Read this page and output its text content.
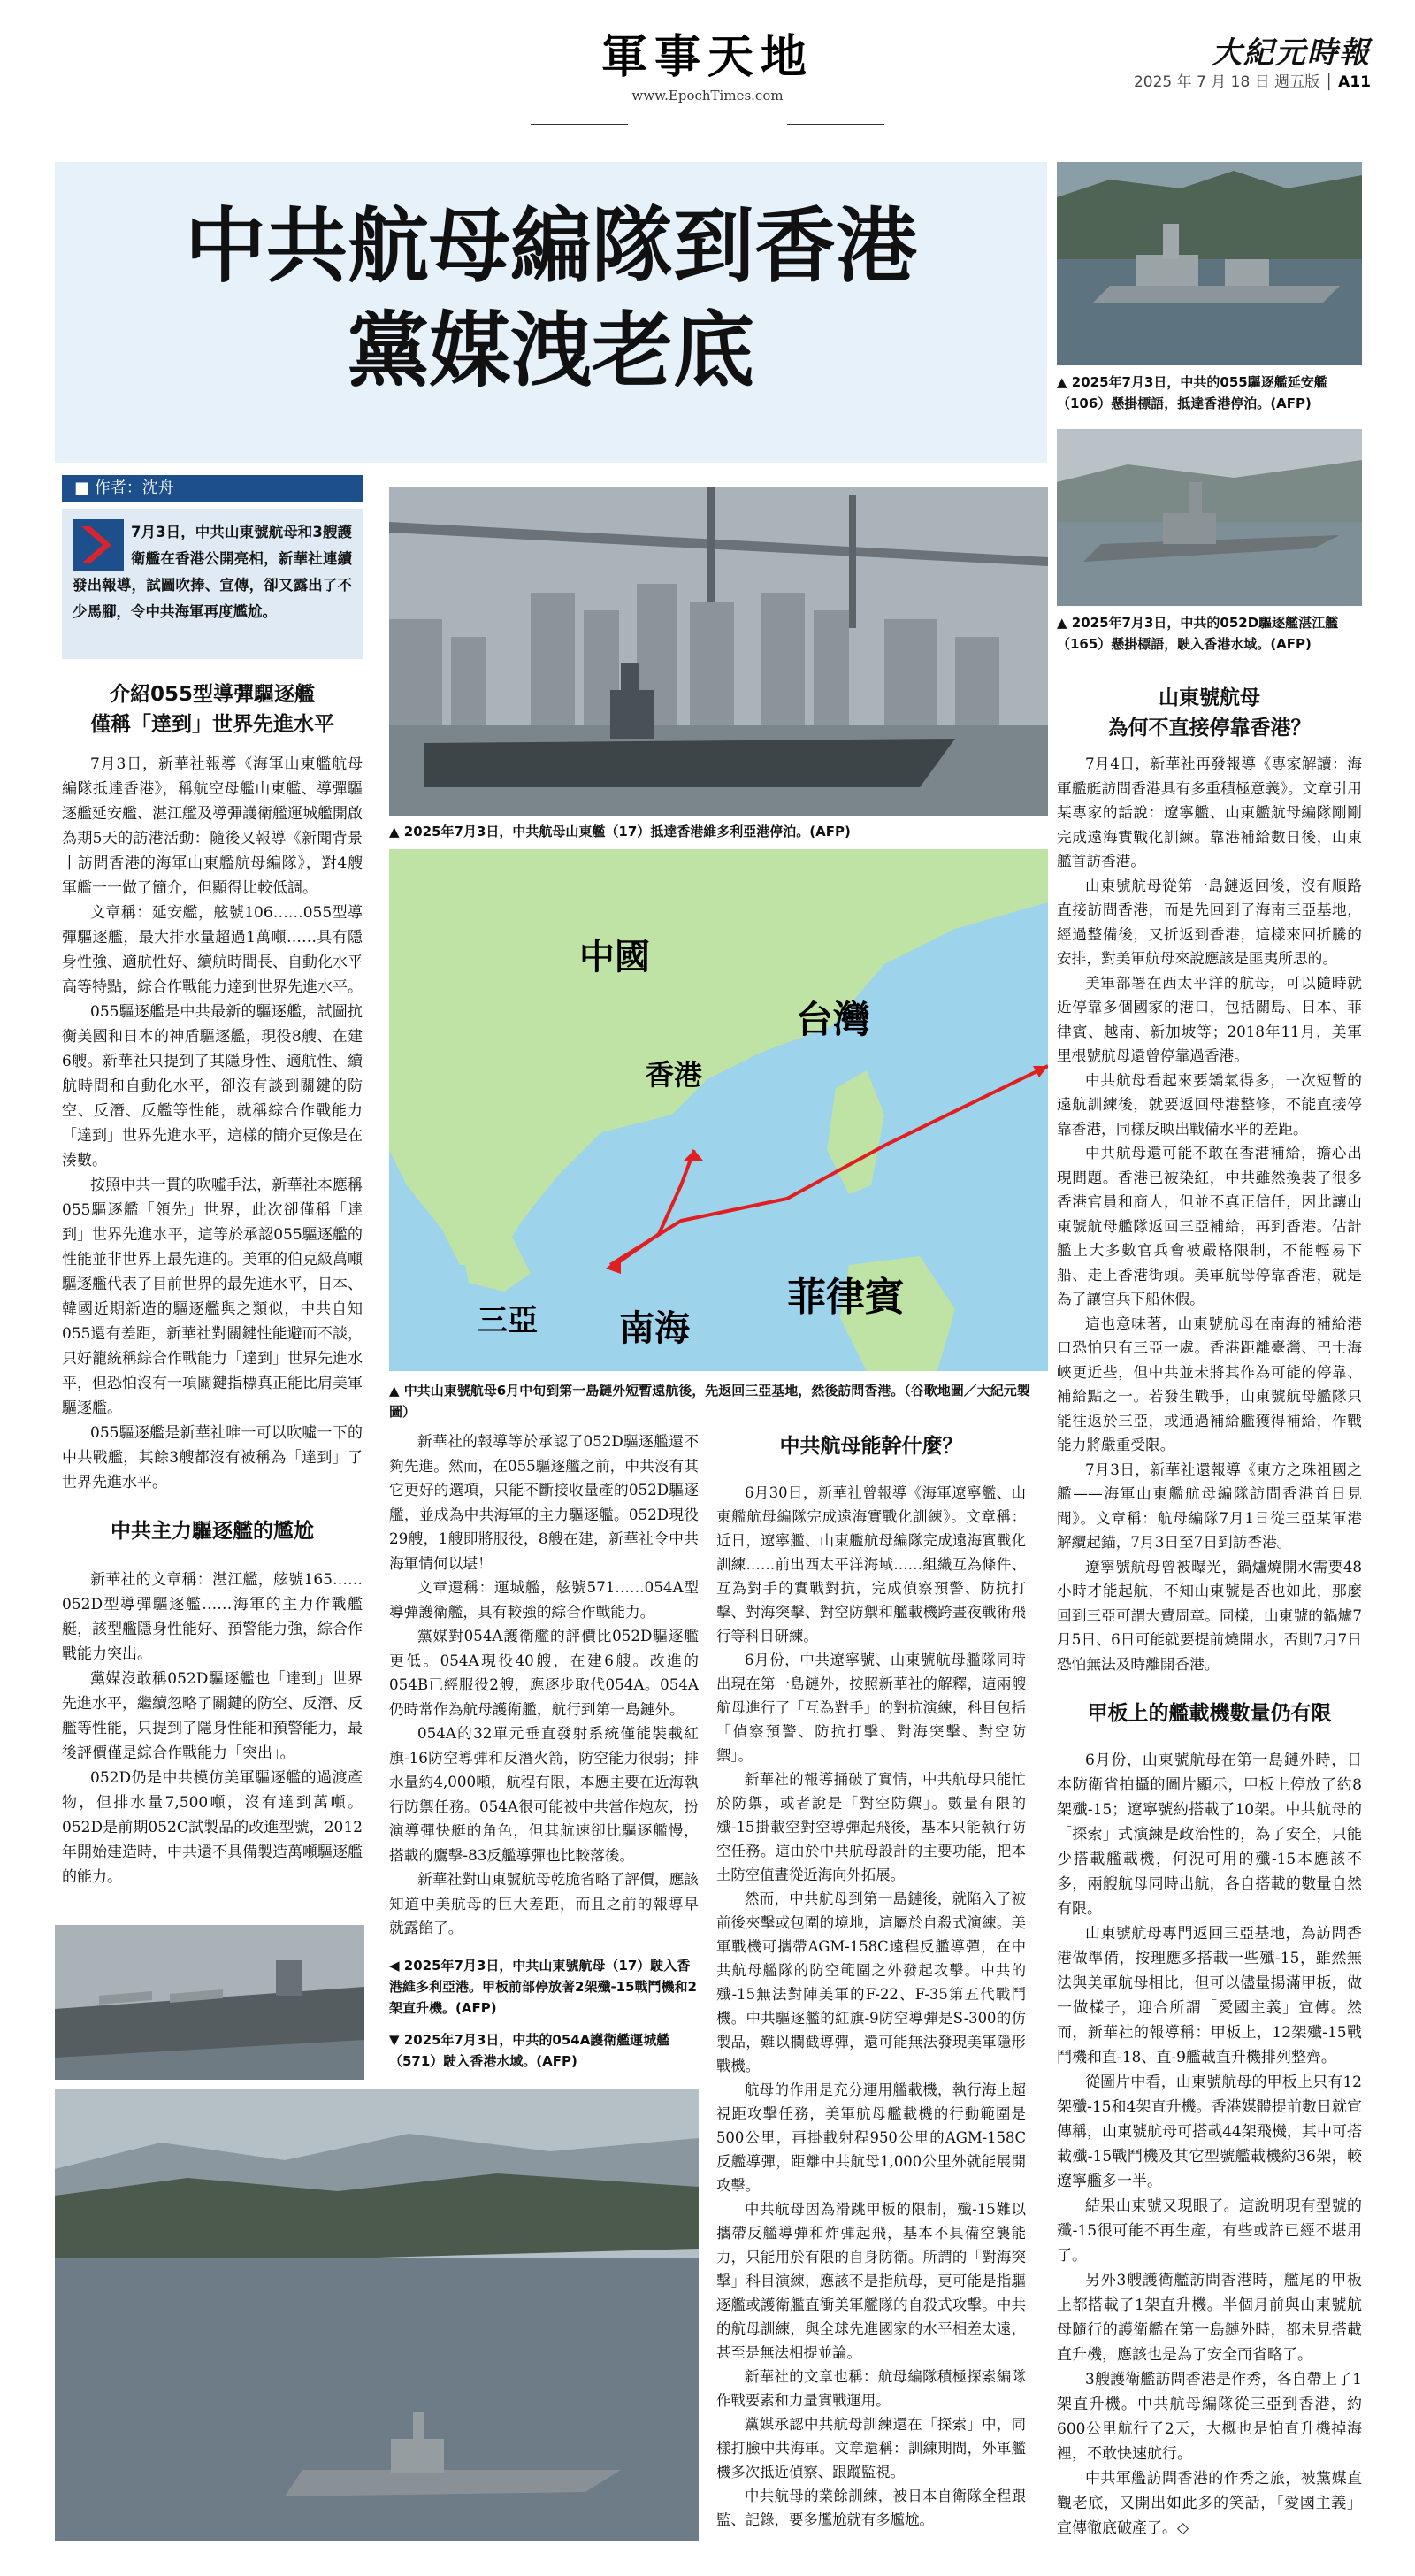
軍事天地
www.EpochTimes.com
大紀元時報
2025 年 7 月 18 日 週五版 │ A11
中共航母編隊到香港
黨媒洩老底	▲ 2025年7月3日，中共的055驅逐艦延安艦（106）懸掛標語，抵達香港停泊。(AFP)
▲ 2025年7月3日，中共的052D驅逐艦湛江艦（165）懸掛標語，駛入香港水域。(AFP)
■ 作者：沈舟

7月3日，中共山東號航母和3艘護衛艦在香港公開亮相，新華社連續發出報導，試圖吹捧、宣傳，卻又露出了不少馬腳，令中共海軍再度尷尬。

介紹055型導彈驅逐艦
僅稱「達到」世界先進水平

7月3日，新華社報導《海軍山東艦航母編隊抵達香港》，稱航空母艦山東艦、導彈驅逐艦延安艦、湛江艦及導彈護衛艦運城艦開啟為期5天的訪港活動：隨後又報導《新聞背景丨訪問香港的海軍山東艦航母編隊》，對4艘軍艦一一做了簡介，但顯得比較低調。

文章稱：延安艦，舷號106……055型導彈驅逐艦，最大排水量超過1萬噸……具有隱身性強、適航性好、續航時間長、自動化水平高等特點，綜合作戰能力達到世界先進水平。

055驅逐艦是中共最新的驅逐艦，試圖抗衡美國和日本的神盾驅逐艦，現役8艘、在建6艘。新華社只提到了其隱身性、適航性、續航時間和自動化水平，卻沒有談到關鍵的防空、反潛、反艦等性能，就稱綜合作戰能力「達到」世界先進水平，這樣的簡介更像是在湊數。

按照中共一貫的吹噓手法，新華社本應稱055驅逐艦「領先」世界，此次卻僅稱「達到」世界先進水平，這等於承認055驅逐艦的性能並非世界上最先進的。美軍的伯克級萬噸驅逐艦代表了目前世界的最先進水平，日本、韓國近期新造的驅逐艦與之類似，中共自知055還有差距，新華社對關鍵性能避而不談，只好籠統稱綜合作戰能力「達到」世界先進水平，但恐怕沒有一項關鍵指標真正能比肩美軍驅逐艦。

055驅逐艦是新華社唯一可以吹噓一下的中共戰艦，其餘3艘都沒有被稱為「達到」了世界先進水平。

中共主力驅逐艦的尷尬

新華社的文章稱：湛江艦，舷號165……052D型導彈驅逐艦……海軍的主力作戰艦艇，該型艦隱身性能好、預警能力強，綜合作戰能力突出。

黨媒沒敢稱052D驅逐艦也「達到」世界先進水平，繼續忽略了關鍵的防空、反潛、反艦等性能，只提到了隱身性能和預警能力，最後評價僅是綜合作戰能力「突出」。

052D仍是中共模仿美軍驅逐艦的過渡產物，但排水量7,500噸，沒有達到萬噸。052D是前期052C試製品的改進型號，2012年開始建造時，中共還不具備製造萬噸驅逐艦的能力。

▲ 2025年7月3日，中共航母山東艦（17）抵達香港維多利亞港停泊。(AFP)
中國
香港
台灣
三亞 南海
菲律賓
▲ 中共山東號航母6月中旬到第一島鏈外短暫遠航後，先返回三亞基地，然後訪問香港。（谷歌地圖／大紀元製圖）

新華社的報導等於承認了052D驅逐艦還不夠先進。然而，在055驅逐艦之前，中共沒有其它更好的選項，只能不斷接收量產的052D驅逐艦，並成為中共海軍的主力驅逐艦。052D現役29艘，1艘即將服役，8艘在建，新華社令中共海軍情何以堪！

文章還稱：運城艦，舷號571……054A型導彈護衛艦，具有較強的綜合作戰能力。

黨媒對054A護衛艦的評價比052D驅逐艦更低。054A現役40艘，在建6艘。改進的054B已經服役2艘，應逐步取代054A。054A仍時常作為航母護衛艦，航行到第一島鏈外。

054A的32單元垂直發射系統僅能裝載紅旗-16防空導彈和反潛火箭，防空能力很弱；排水量約4,000噸，航程有限，本應主要在近海執行防禦任務。054A很可能被中共當作炮灰，扮演導彈快艇的角色，但其航速卻比驅逐艦慢，搭載的鷹擊-83反艦導彈也比較落後。

新華社對山東號航母乾脆省略了評價，應該知道中美航母的巨大差距，而且之前的報導早就露餡了。

◀ 2025年7月3日，中共山東號航母（17）駛入香港維多利亞港。甲板前部停放著2架殲-15戰鬥機和2架直升機。(AFP)
▼ 2025年7月3日，中共的054A護衛艦運城艦（571）駛入香港水域。(AFP)
中共航母能幹什麼？

6月30日，新華社曾報導《海軍遼寧艦、山東艦航母編隊完成遠海實戰化訓練》。文章稱：近日，遼寧艦、山東艦航母編隊完成遠海實戰化訓練……前出西太平洋海域……組織互為條件、互為對手的實戰對抗，完成偵察預警、防抗打擊、對海突擊、對空防禦和艦載機跨晝夜戰術飛行等科目研練。

6月份，中共遼寧號、山東號航母艦隊同時出現在第一島鏈外，按照新華社的解釋，這兩艘航母進行了「互為對手」的對抗演練，科目包括「偵察預警、防抗打擊、對海突擊、對空防禦」。

新華社的報導捅破了實情，中共航母只能忙於防禦，或者說是「對空防禦」。數量有限的殲-15掛載空對空導彈起飛後，基本只能執行防空任務。這由於中共航母設計的主要功能，把本土防空值晝從近海向外拓展。

然而，中共航母到第一島鏈後，就陷入了被前後夾擊或包圍的境地，這屬於自殺式演練。美軍戰機可攜帶AGM-158C遠程反艦導彈，在中共航母艦隊的防空範圍之外發起攻擊。中共的殲-15無法對陣美軍的F-22、F-35第五代戰鬥機。中共驅逐艦的紅旗-9防空導彈是S-300的仿製品，難以攔截導彈，還可能無法發現美軍隱形戰機。

航母的作用是充分運用艦載機，執行海上超視距攻擊任務，美軍航母艦載機的行動範圍是500公里，再掛載射程950公里的AGM-158C反艦導彈，距離中共航母1,000公里外就能展開攻擊。

中共航母因為滑跳甲板的限制，殲-15難以攜帶反艦導彈和炸彈起飛，基本不具備空襲能力，只能用於有限的自身防衛。所謂的「對海突擊」科目演練，應該不是指航母，更可能是指驅逐艦或護衛艦直衝美軍艦隊的自殺式攻擊。中共的航母訓練，與全球先進國家的水平相差太遠，甚至是無法相提並論。

新華社的文章也稱：航母編隊積極探索編隊作戰要素和力量實戰運用。

黨媒承認中共航母訓練還在「探索」中，同樣打臉中共海軍。文章還稱：訓練期間，外軍艦機多次抵近偵察、跟蹤監視。

中共航母的業餘訓練，被日本自衛隊全程跟監、記錄，要多尷尬就有多尷尬。

山東號航母
為何不直接停靠香港？

7月4日，新華社再發報導《專家解讀：海軍艦艇訪問香港具有多重積極意義》。文章引用某專家的話說：遼寧艦、山東艦航母編隊剛剛完成遠海實戰化訓練。靠港補給數日後，山東艦首訪香港。

山東號航母從第一島鏈返回後，沒有順路直接訪問香港，而是先回到了海南三亞基地，經過整備後，又折返到香港，這樣來回折騰的安排，對美軍航母來說應該是匪夷所思的。

美軍部署在西太平洋的航母，可以隨時就近停靠多個國家的港口，包括關島、日本、菲律賓、越南、新加坡等；2018年11月，美軍里根號航母還曾停靠過香港。

中共航母看起來要矯氣得多，一次短暫的遠航訓練後，就要返回母港整修，不能直接停靠香港，同樣反映出戰備水平的差距。

中共航母還可能不敢在香港補給，擔心出現問題。香港已被染紅，中共雖然換裝了很多香港官員和商人，但並不真正信任，因此讓山東號航母艦隊返回三亞補給，再到香港。估計艦上大多數官兵會被嚴格限制，不能輕易下船、走上香港街頭。美軍航母停靠香港，就是為了讓官兵下船休假。

這也意味著，山東號航母在南海的補給港口恐怕只有三亞一處。香港距離臺灣、巴士海峽更近些，但中共並未將其作為可能的停靠、補給點之一。若發生戰爭，山東號航母艦隊只能往返於三亞，或通過補給艦獲得補給，作戰能力將嚴重受限。

7月3日，新華社還報導《東方之珠祖國之艦——海軍山東艦航母編隊訪問香港首日見聞》。文章稱：航母編隊7月1日從三亞某軍港解纜起錨，7月3日至7日到訪香港。

遼寧號航母曾被曝光，鍋爐燒開水需要48小時才能起航，不知山東號是否也如此，那麼回到三亞可謂大費周章。同樣，山東號的鍋爐7月5日、6日可能就要提前燒開水，否則7月7日恐怕無法及時離開香港。

甲板上的艦載機數量仍有限

6月份，山東號航母在第一島鏈外時，日本防衛省拍攝的圖片顯示，甲板上停放了約8架殲-15；遼寧號約搭載了10架。中共航母的「探索」式演練是政治性的，為了安全，只能少搭載艦載機，何況可用的殲-15本應該不多，兩艘航母同時出航，各自搭載的數量自然有限。

山東號航母專門返回三亞基地，為訪問香港做準備，按理應多搭載一些殲-15，雖然無法與美軍航母相比，但可以儘量揚滿甲板，做一做樣子，迎合所謂「愛國主義」宣傳。然而，新華社的報導稱：甲板上，12架殲-15戰鬥機和直-18、直-9艦載直升機排列整齊。

從圖片中看，山東號航母的甲板上只有12架殲-15和4架直升機。香港媒體提前數日就宣傳稱，山東號航母可搭載44架飛機，其中可搭載殲-15戰鬥機及其它型號艦載機約36架，較遼寧艦多一半。

結果山東號又現眼了。這說明現有型號的殲-15很可能不再生產，有些或許已經不堪用了。

另外3艘護衛艦訪問香港時，艦尾的甲板上都搭載了1架直升機。半個月前與山東號航母隨行的護衛艦在第一島鏈外時，都未見搭載直升機，應該也是為了安全而省略了。

3艘護衛艦訪問香港是作秀，各自帶上了1架直升機。中共航母編隊從三亞到香港，約600公里航行了2天，大概也是怕直升機掉海裡，不敢快速航行。

中共軍艦訪問香港的作秀之旅，被黨媒直觀老底，又開出如此多的笑話，「愛國主義」宣傳徹底破產了。◇
